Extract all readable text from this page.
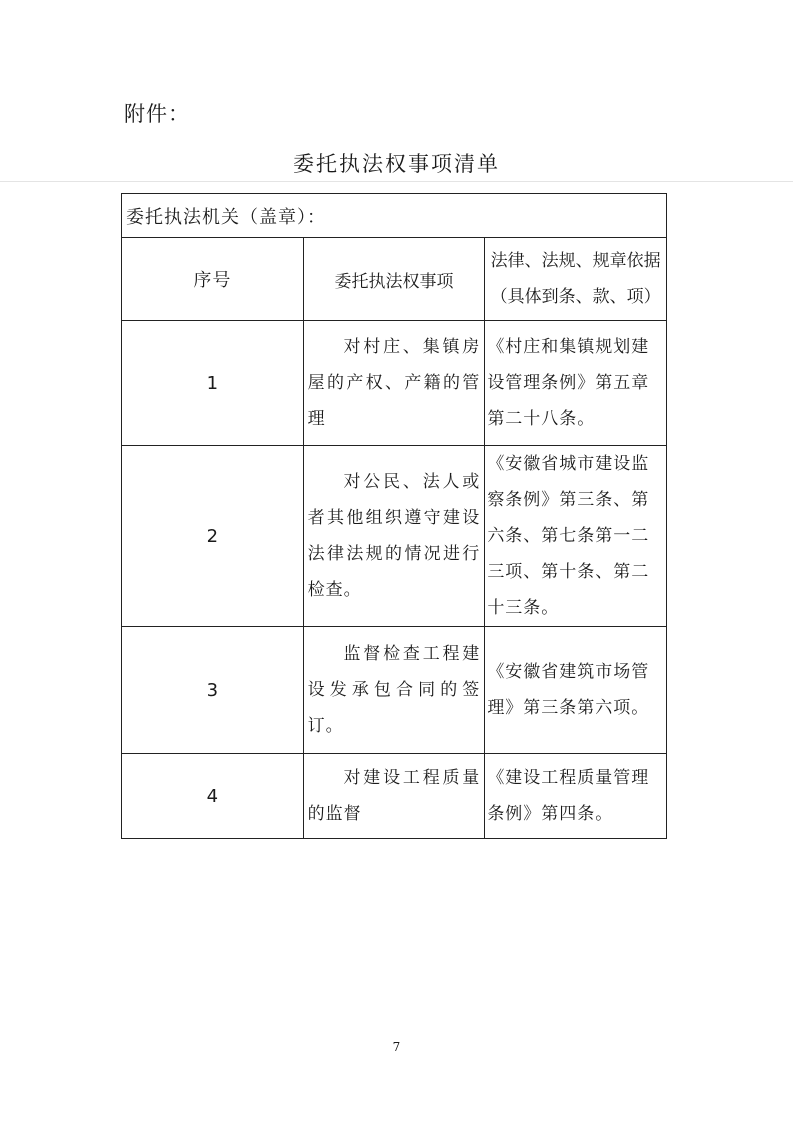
附件：
委托执法权事项清单
委托执法机关（盖章）：		
序号	委托执法权事项	法律、法规、规章依据
（具体到条、款、项）

1	对村庄、集镇房屋的产权、产籍的管理	《村庄和集镇规划建设管理条例》第五章第二十八条。
2	对公民、法人或者其他组织遵守建设法律法规的情况进行检查。	《安徽省城市建设监察条例》第三条、第六条、第七条第一二三项、第十条、第二十三条。
3	监督检查工程建设发承包合同的签订。	《安徽省建筑市场管理》第三条第六项。
4	对建设工程质量的监督	《建设工程质量管理条例》第四条。
7
